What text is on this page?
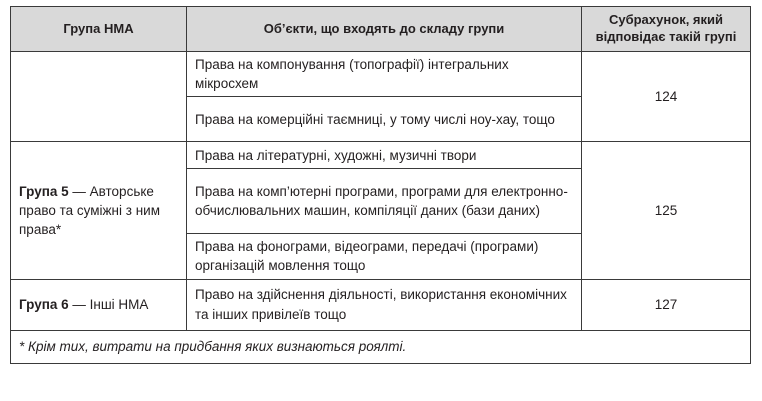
Група НМА	Об’єкти, що входять до складу групи	Субрахунок, який відповідає такій групі
	Права на компонування (топографії) інтегральних мікросхем	124
	Права на комерційні таємниці, у тому числі ноу-хау, тощо	
Група 5 — Авторське право та суміжні з ним права*	Права на літературні, художні, музичні твори	125
	Права на комп’ютерні програми, програми для електронно-обчислювальних машин, компіляції даних (бази даних)	
	Права на фонограми, відеограми, передачі (програми) організацій мовлення тощо	
Група 6 — Інші НМА	Право на здійснення діяльності, використання економічних та інших привілеїв тощо	127
* Крім тих, витрати на придбання яких визнаються роялті.		
